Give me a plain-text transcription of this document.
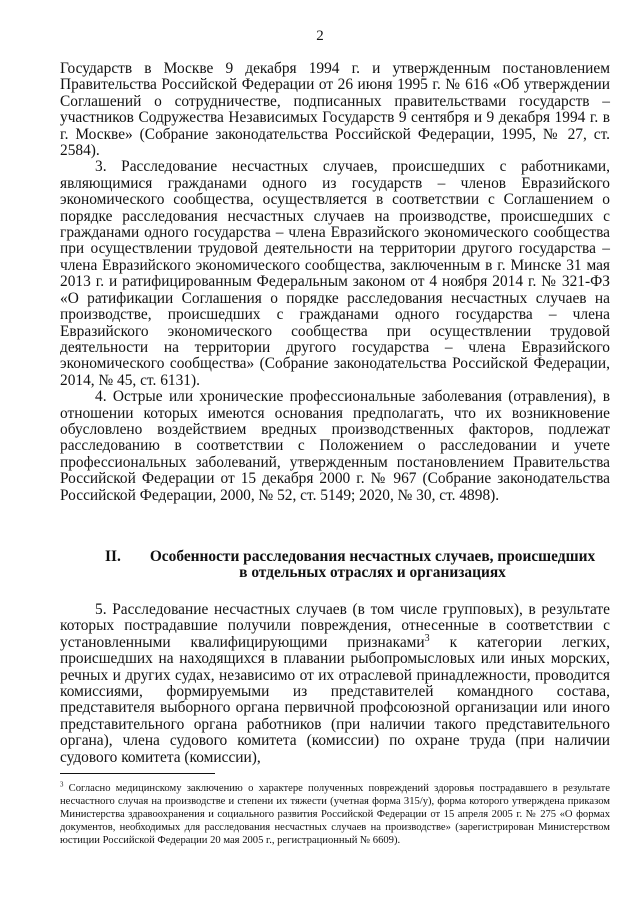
2

Государств в Москве 9 декабря 1994 г. и утвержденным постановлением Правительства Российской Федерации от 26 июня 1995 г. № 616 «Об утверждении Соглашений о сотрудничестве, подписанных правительствами государств – участников Содружества Независимых Государств 9 сентября и 9 декабря 1994 г. в г. Москве» (Собрание законодательства Российской Федерации, 1995, № 27, ст. 2584).

3. Расследование несчастных случаев, происшедших с работниками, являющимися гражданами одного из государств – членов Евразийского экономического сообщества, осуществляется в соответствии с Соглашением о порядке расследования несчастных случаев на производстве, происшедших с гражданами одного государства – члена Евразийского экономического сообщества при осуществлении трудовой деятельности на территории другого государства – члена Евразийского экономического сообщества, заключенным в г. Минске 31 мая 2013 г. и ратифицированным Федеральным законом от 4 ноября 2014 г. № 321-ФЗ «О ратификации Соглашения о порядке расследования несчастных случаев на производстве, происшедших с гражданами одного государства – члена Евразийского экономического сообщества при осуществлении трудовой деятельности на территории другого государства – члена Евразийского экономического сообщества» (Собрание законодательства Российской Федерации, 2014, № 45, ст. 6131).

4. Острые или хронические профессиональные заболевания (отравления), в отношении которых имеются основания предполагать, что их возникновение обусловлено воздействием вредных производственных факторов, подлежат расследованию в соответствии с Положением о расследовании и учете профессиональных заболеваний, утвержденным постановлением Правительства Российской Федерации от 15 декабря 2000 г. № 967 (Собрание законодательства Российской Федерации, 2000, № 52, ст. 5149; 2020, № 30, ст. 4898).

II.	Особенности расследования несчастных случаев, происшедших в отдельных отраслях и организациях

5. Расследование несчастных случаев (в том числе групповых), в результате которых пострадавшие получили повреждения, отнесенные в соответствии с установленными квалифицирующими признаками$^3$ к категории легких, происшедших на находящихся в плавании рыбопромысловых или иных морских, речных и других судах, независимо от их отраслевой принадлежности, проводится комиссиями, формируемыми из представителей командного состава, представителя выборного органа первичной профсоюзной организации или иного представительного органа работников (при наличии такого представительного органа), члена судового комитета (комиссии) по охране труда (при наличии судового комитета (комиссии),

$^3$ Согласно медицинскому заключению о характере полученных повреждений здоровья пострадавшего в результате несчастного случая на производстве и степени их тяжести (учетная форма 315/у), форма которого утверждена приказом Министерства здравоохранения и социального развития Российской Федерации от 15 апреля 2005 г. № 275 «О формах документов, необходимых для расследования несчастных случаев на производстве» (зарегистрирован Министерством юстиции Российской Федерации 20 мая 2005 г., регистрационный № 6609).
